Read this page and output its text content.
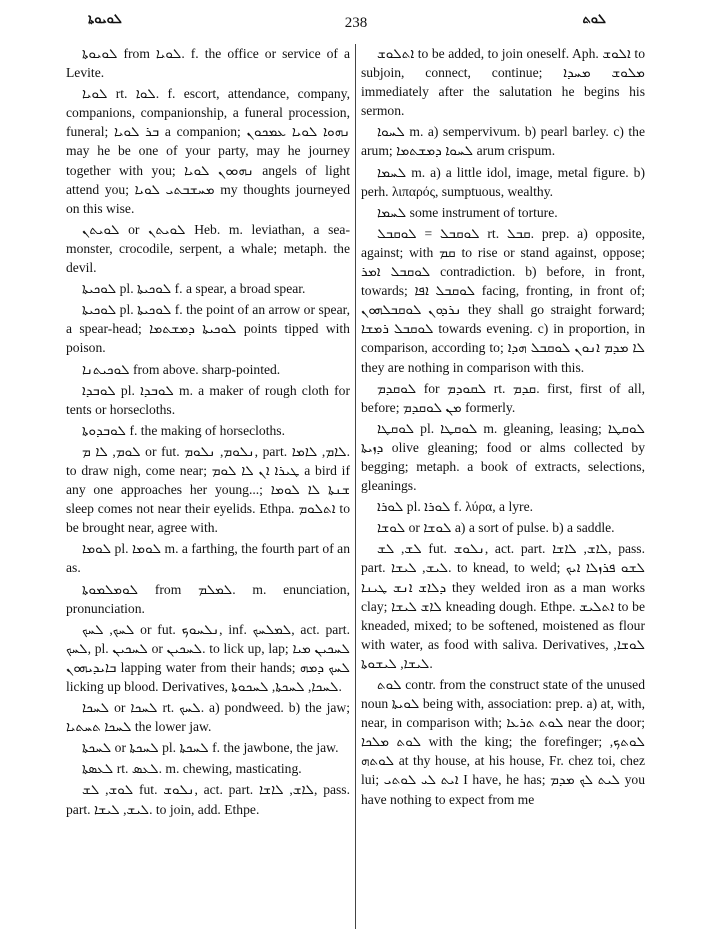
ܠܘܝܘܬܐ	238	ܠܘܬ

ܠܘܝܘܬܐ from ܠܘܝܐ. f. the office or service of a Levite.

ܠܘܝܐ rt. ܠܘܐ. f. escort, attendance, company, companions, companionship, a funeral procession, funeral; ܒܪ ܠܘܝܐ a companion; ܢܗܘܐ ܠܘܝܐ ܥܡܟܘܢ may he be one of your party, may he journey together with you; ܢܗܘܘܢ ܠܘܝܐ angels of light attend you; ܡܚܫܒܬܝ ܠܘܝܐ my thoughts journeyed on this wise.

ܠܘܝܬܢ or ܠܘܝܬܢ Heb. m. leviathan, a sea-monster, crocodile, serpent, a whale; metaph. the devil.

ܠܘܟܝܬܐ pl. ܠܘܟܝܬܐ f. a spear, a broad spear.

ܠܘܟܝܬܐ pl. ܠܘܟܝܬܐ f. the point of an arrow or spear, a spear-head; ܠܘܟܝܬܐ ܕܡܫܬܡܐ points tipped with poison.

ܠܘܟܝܬܢܐ from above. sharp-pointed.

ܠܘܒܕܐ pl. ܠܘܒܕܐ m. a maker of rough cloth for tents or horsecloths.

ܠܘܒܕܘܬܐ f. the making of horsecloths.

ܠܘܡ, ܠܐ ܡ or fut. ܢܠܘܡ, ܢܠܘܡ, part. ܠܐܡ, ܠܐܡܐ. to draw nigh, come near; ܛܝܪܐ ܐܢ ܠܐ ܠܘܡ a bird if any one approaches her young...; ܫܢܬܐ ܠܐ ܠܘܡܐ sleep comes not near their eyelids. Ethpa. ܐܬܠܘܡ to be brought near, agree with.

ܠܘܡܐ pl. ܠܘܡܐ m. a farthing, the fourth part of an as.

ܠܘܡܠܡܘܬܐ from ܠܡܠܡ. m. enunciation, pronunciation.

ܠܚܟ, ܠܚܟ or fut. ܢܠܚܘܟ, inf. ܠܡܠܚܟ, act. part. ܠܚܟ, pl. ܠܚܟܝܢ or ܠܚܟܝܢ. to lick up, lap; ܠܚܟܝܢ ܡܝܐ ܒܐܝܕܝܗܘܢ lapping water from their hands; ܠܚܟ ܕܡܗ licking up blood. Derivatives, ܠܚܟܐ, ܠܚܟܬܐ, ܠܚܟܘܬܐ.

ܠܚܟܐ or ܠܚܟܐ rt. ܠܚܟ. a) pondweed. b) the jaw; ܠܚܟܐ ܬܚܬܝܐ the lower jaw.

ܠܚܟܬܐ or ܠܚܟܬܐ pl. ܠܚܟܬܐ f. the jawbone, the jaw.

ܠܥܣܬܐ rt. ܠܥܣ. m. chewing, masticating.

ܠܘܫ, ܠܫ fut. ܢܠܘܫ, act. part. ܠܐܫ, ܠܐܫܐ, pass. part. ܠܝܫ, ܠܝܫܐ. to join, add. Ethpe.

ܐܬܠܘܫ to be added, to join oneself. Aph. ܐܠܘܫ to subjoin, connect, continue; ܡܠܘܫ ܡܚܕܐ immediately after the salutation he begins his sermon.

ܠܚܘܐ m. a) sempervivum. b) pearl barley. c) the arum; ܠܚܘܐ ܕܡܫܬܡܐ arum crispum.

ܠܚܡܐ m. a) a little idol, image, metal figure. b) perh. λιπαρός, sumptuous, wealthy.

ܠܚܡܐ some instrument of torture.

ܠܘܩܒܠ = ܠܘܩܒܠ rt. ܩܒܠ. prep. a) opposite, against; with ܩܡ to rise or stand against, oppose; ܠܘܩܒܠ ܐܡܪ contradiction. b) before, in front, towards; ܠܘܩܒܠ ܐܦܐ facing, fronting, in front of; ܢܪܕܘܢ ܠܘܩܒܠܗܘܢ they shall go straight forward; ܠܘܩܒܠ ܪܡܫܐ towards evening. c) in proportion, in comparison, according to; ܠܐ ܡܕܡ ܐܢܘܢ ܠܘܩܒܠ ܗܕܐ they are nothing in comparison with this.

ܠܘܩܕܡ for ܠܩܘܕܡ rt. ܩܕܡ. first, first of all, before; ܡܢ ܠܘܩܕܡ formerly.

ܠܘܩܛܐ pl. ܠܘܩܛܐ m. gleaning, leasing; ܠܘܩܛܐ ܕܙܝܬܐ olive gleaning; food or alms collected by begging; metaph. a book of extracts, selections, gleanings.

ܠܘܪܐ pl. ܠܘܪܐ f. λύρα, a lyre.

ܠܘܫܐ or ܠܘܫܐ a) a sort of pulse. b) a saddle.

ܠܫ, ܠܫ fut. ܢܠܘܫ, act. part. ܠܐܫ, ܠܐܫܐ, pass. part. ܠܝܫ, ܠܝܫܐ. to knead, to weld; ܠܫܘ ܦܪܙܠܐ ܐܝܟ ܕܠܐܫ ܐܢܫ ܛܝܢܐ they welded iron as a man works clay; ܠܐܫ ܠܝܫܐ kneading dough. Ethpe. ܐܬܠܝܫ to be kneaded, mixed; to be softened, moistened as flour with water, as food with saliva. Derivatives, ܠܘܫܐ, ܠܝܫܐ, ܠܝܫܘܬܐ.

ܠܘܬ contr. from the construct state of the unused noun ܠܘܝܬܐ being with, association: prep. a) at, with, near, in comparison with; ܠܘܬ ܬܪܥܐ near the door; ܠܘܬ ܡܠܟܐ with the king; the forefinger; ܠܘܬܟ, ܠܘܬܗ at thy house, at his house, Fr. chez toi, chez lui; ܐܝܬ ܠܝ ܠܘܬܝ I have, he has; ܠܝܬ ܠܟ ܡܕܡ you have nothing to expect from me
